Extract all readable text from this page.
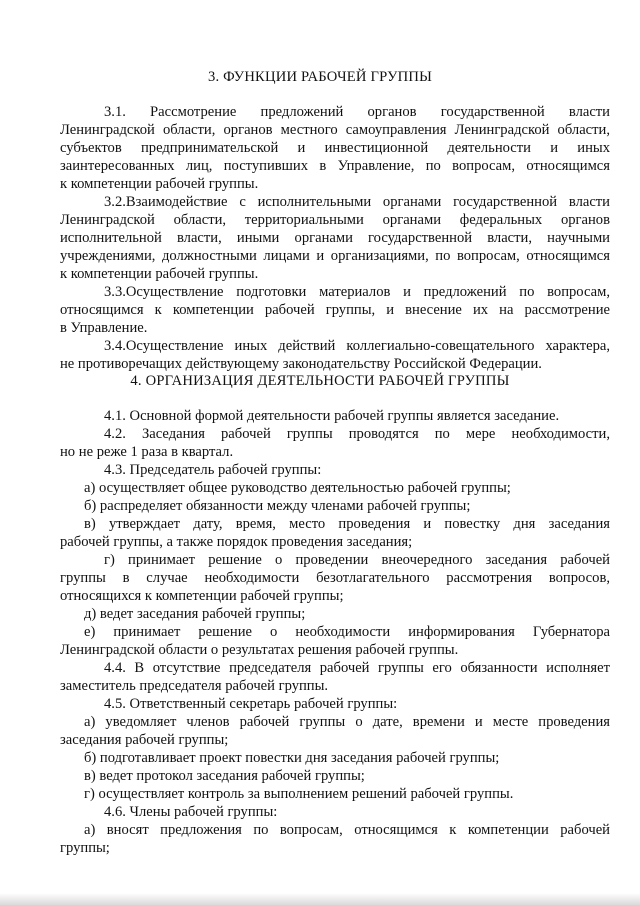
3. ФУНКЦИИ РАБОЧЕЙ ГРУППЫ
3.1. Рассмотрение предложений органов государственной власти
Ленинградской области, органов местного самоуправления Ленинградской области,
субъектов предпринимательской и инвестиционной деятельности и иных
заинтересованных лиц, поступивших в Управление, по вопросам, относящимся
к компетенции рабочей группы.
3.2.Взаимодействие с исполнительными органами государственной власти
Ленинградской области, территориальными органами федеральных органов
исполнительной власти, иными органами государственной власти, научными
учреждениями, должностными лицами и организациями, по вопросам, относящимся
к компетенции рабочей группы.
3.3.Осуществление подготовки материалов и предложений по вопросам,
относящимся к компетенции рабочей группы, и внесение их на рассмотрение
в Управление.
3.4.Осуществление иных действий коллегиально-совещательного характера,
не противоречащих действующему законодательству Российской Федерации.
4. ОРГАНИЗАЦИЯ ДЕЯТЕЛЬНОСТИ РАБОЧЕЙ ГРУППЫ
4.1. Основной формой деятельности рабочей группы является заседание.
4.2. Заседания рабочей группы проводятся по мере необходимости,
но не реже 1 раза в квартал.
4.3. Председатель рабочей группы:
а) осуществляет общее руководство деятельностью рабочей группы;
б) распределяет обязанности между членами рабочей группы;
в) утверждает дату, время, место проведения и повестку дня заседания
рабочей группы, а также порядок проведения заседания;
г) принимает решение о проведении внеочередного заседания рабочей
группы в случае необходимости безотлагательного рассмотрения вопросов,
относящихся к компетенции рабочей группы;
д) ведет заседания рабочей группы;
е) принимает решение о необходимости информирования Губернатора
Ленинградской области о результатах решения рабочей группы.
4.4. В отсутствие председателя рабочей группы его обязанности исполняет
заместитель председателя рабочей группы.
4.5. Ответственный секретарь рабочей группы:
а) уведомляет членов рабочей группы о дате, времени и месте проведения
заседания рабочей группы;
б) подготавливает проект повестки дня заседания рабочей группы;
в) ведет протокол заседания рабочей группы;
г) осуществляет контроль за выполнением решений рабочей группы.
4.6. Члены рабочей группы:
а) вносят предложения по вопросам, относящимся к компетенции рабочей
группы;
